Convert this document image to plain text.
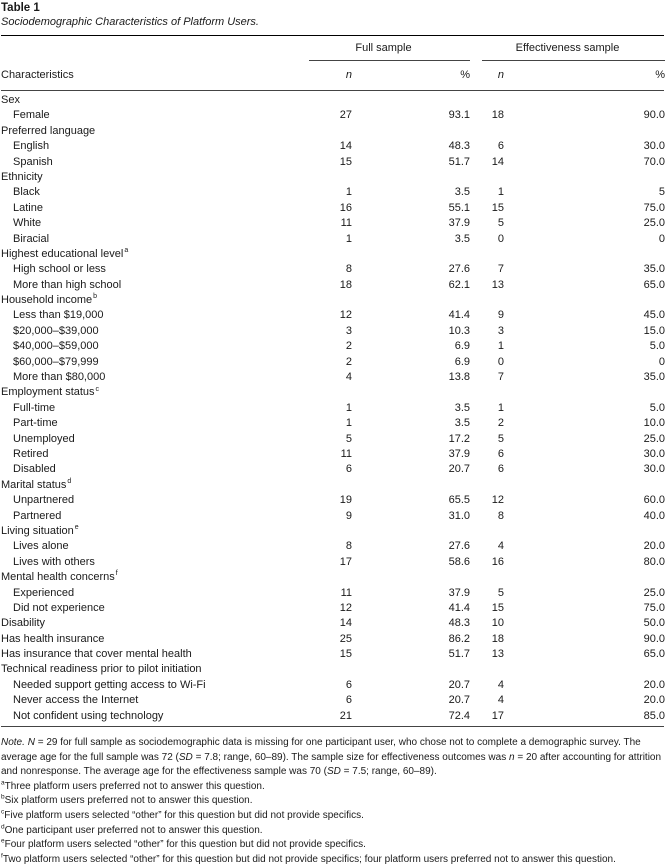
Table 1
Sociodemographic Characteristics of Platform Users.
Full sample	Effectiveness sample
Characteristics	n	%	n	%
Sex
Female	27	93.1	18	90.0
Preferred language
English	14	48.3	6	30.0
Spanish	15	51.7	14	70.0
Ethnicity
Black	1	3.5	1	5
Latine	16	55.1	15	75.0
White	11	37.9	5	25.0
Biracial	1	3.5	0	0
Highest educational level$^a$
High school or less	8	27.6	7	35.0
More than high school	18	62.1	13	65.0
Household income$^b$
Less than $19,000	12	41.4	9	45.0
$20,000–$39,000	3	10.3	3	15.0
$40,000–$59,000	2	6.9	1	5.0
$60,000–$79,999	2	6.9	0	0
More than $80,000	4	13.8	7	35.0
Employment status$^c$
Full-time	1	3.5	1	5.0
Part-time	1	3.5	2	10.0
Unemployed	5	17.2	5	25.0
Retired	11	37.9	6	30.0
Disabled	6	20.7	6	30.0
Marital status$^d$
Unpartnered	19	65.5	12	60.0
Partnered	9	31.0	8	40.0
Living situation$^e$
Lives alone	8	27.6	4	20.0
Lives with others	17	58.6	16	80.0
Mental health concerns$^f$
Experienced	11	37.9	5	25.0
Did not experience	12	41.4	15	75.0
Disability	14	48.3	10	50.0
Has health insurance	25	86.2	18	90.0
Has insurance that cover mental health	15	51.7	13	65.0
Technical readiness prior to pilot initiation
Needed support getting access to Wi-Fi	6	20.7	4	20.0
Never access the Internet	6	20.7	4	20.0
Not confident using technology	21	72.4	17	85.0

Note. N = 29 for full sample as sociodemographic data is missing for one participant user, who chose not to complete a demographic survey. The average age for the full sample was 72 (SD = 7.8; range, 60–89). The sample size for effectiveness outcomes was n = 20 after accounting for attrition and nonresponse. The average age for the effectiveness sample was 70 (SD = 7.5; range, 60–89).

$^a$Three platform users preferred not to answer this question.

$^b$Six platform users preferred not to answer this question.

$^c$Five platform users selected “other” for this question but did not provide specifics.

$^d$One participant user preferred not to answer this question.

$^e$Four platform users selected “other” for this question but did not provide specifics.

$^f$Two platform users selected “other” for this question but did not provide specifics; four platform users preferred not to answer this question.
